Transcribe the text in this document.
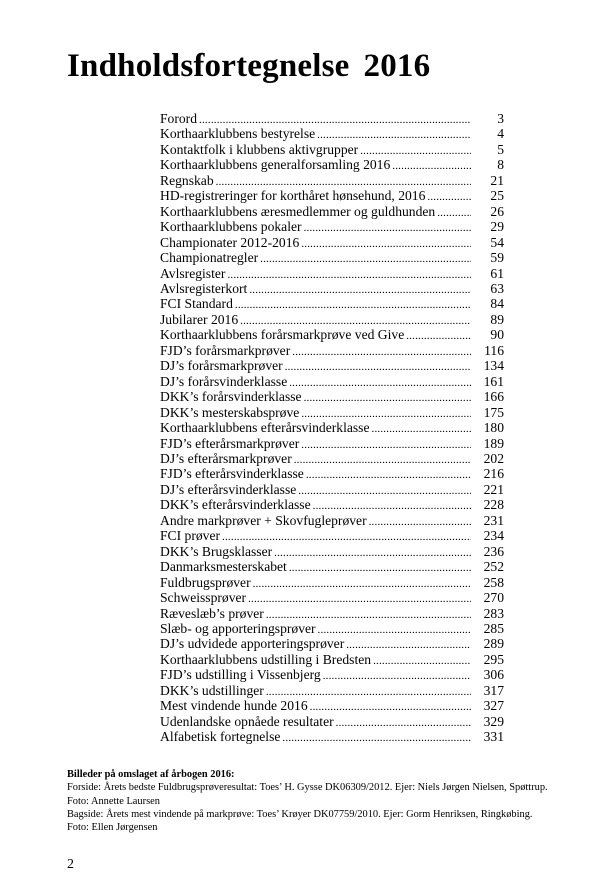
Indholdsfortegnelse 2016
Forord .....	3
Korthaarklubbens bestyrelse .....	4
Kontaktfolk i klubbens aktivgrupper .....	5
Korthaarklubbens generalforsamling 2016 .....	8
Regnskab .....	21
HD-registreringer for korthåret hønsehund, 2016 .....	25
Korthaarklubbens æresmedlemmer og guldhunden .....	26
Korthaarklubbens pokaler .....	29
Championater 2012-2016 .....	54
Championatregler .....	59
Avlsregister .....	61
Avlsregisterkort .....	63
FCI Standard .....	84
Jubilarer 2016 .....	89
Korthaarklubbens forårsmarkprøve ved Give .....	90
FJD’s forårsmarkprøver .....	116
DJ’s forårsmarkprøver .....	134
DJ’s forårsvinderklasse .....	161
DKK’s forårsvinderklasse .....	166
DKK’s mesterskabsprøve .....	175
Korthaarklubbens efterårsvinderklasse .....	180
FJD’s efterårsmarkprøver .....	189
DJ’s efterårsmarkprøver .....	202
FJD’s efterårsvinderklasse .....	216
DJ’s efterårsvinderklasse .....	221
DKK’s efterårsvinderklasse .....	228
Andre markprøver + Skovfugleprøver .....	231
FCI prøver .....	234
DKK’s Brugsklasser .....	236
Danmarksmesterskabet .....	252
Fuldbrugsprøver .....	258
Schweissprøver .....	270
Ræveslæb’s prøver .....	283
Slæb- og apporteringsprøver .....	285
DJ’s udvidede apporteringsprøver .....	289
Korthaarklubbens udstilling i Bredsten .....	295
FJD’s udstilling i Vissenbjerg .....	306
DKK’s udstillinger .....	317
Mest vindende hunde 2016 .....	327
Udenlandske opnåede resultater .....	329
Alfabetisk fortegnelse .....	331
Billeder på omslaget af årbogen 2016:
Forside: Årets bedste Fuldbrugsprøveresultat: Toes’ H. Gysse DK06309/2012. Ejer: Niels Jørgen Nielsen, Spøttrup.
Foto: Annette Laursen
Bagside: Årets mest vindende på markprøve: Toes’ Krøyer DK07759/2010. Ejer: Gorm Henriksen, Ringkøbing.
Foto: Ellen Jørgensen
2
